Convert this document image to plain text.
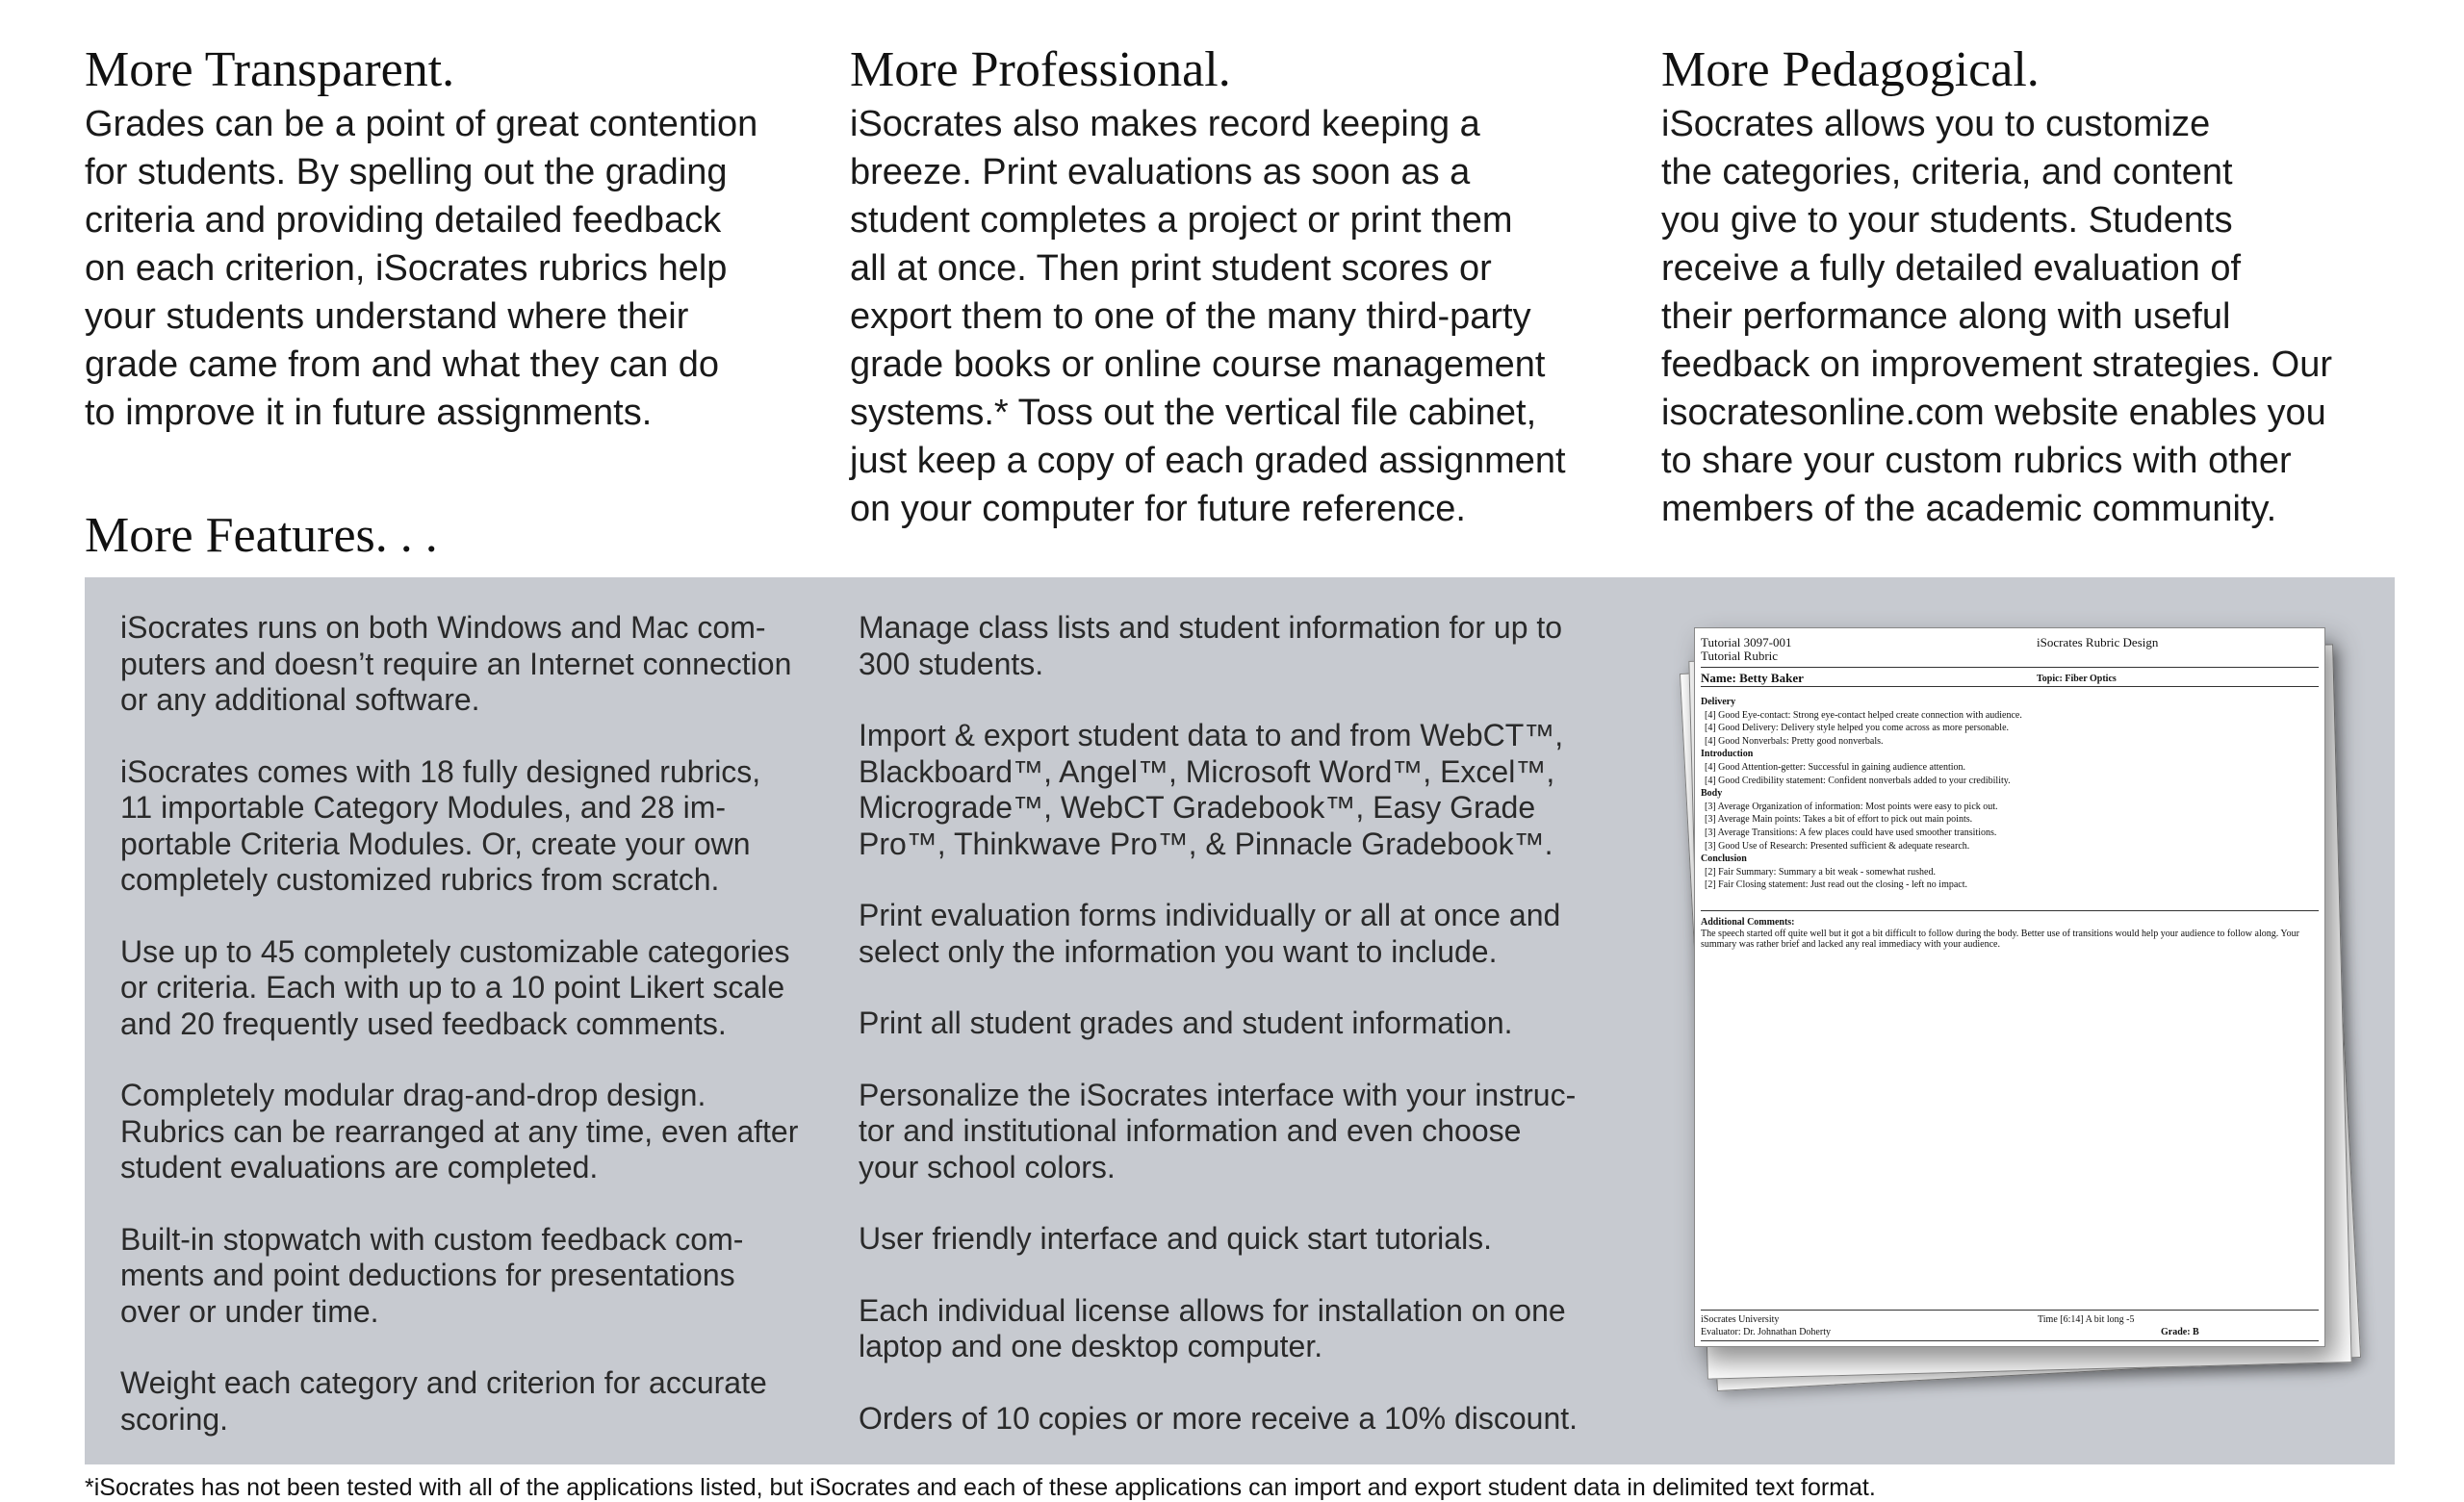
More Transparent.

Grades can be a point of great contention
for students. By spelling out the grading
criteria and providing detailed feedback
on each criterion, iSocrates rubrics help
your students understand where their
grade came from and what they can do
to improve it in future assignments.

More Professional.

iSocrates also makes record keeping a
breeze. Print evaluations as soon as a
student completes a project or print them
all at once. Then print student scores or
export them to one of the many third-party
grade books or online course management
systems.* Toss out the vertical file cabinet,
just keep a copy of each graded assignment
on your computer for future reference.

More Pedagogical.

iSocrates allows you to customize
the categories, criteria, and content
you give to your students. Students
receive a fully detailed evaluation of
their performance along with useful
feedback on improvement strategies. Our
isocratesonline.com website enables you
to share your custom rubrics with other
members of the academic community.

More Features. . .
iSocrates runs on both Windows and Mac com-
puters and doesn’t require an Internet connection
or any additional software.
iSocrates comes with 18 fully designed rubrics,
11 importable Category Modules, and 28 im-
portable Criteria Modules. Or, create your own
completely customized rubrics from scratch.
Use up to 45 completely customizable categories
or criteria. Each with up to a 10 point Likert scale
and 20 frequently used feedback comments.
Completely modular drag-and-drop design.
Rubrics can be rearranged at any time, even after
student evaluations are completed.
Built-in stopwatch with custom feedback com-
ments and point deductions for presentations
over or under time.
Weight each category and criterion for accurate
scoring.
Manage class lists and student information for up to
300 students.
Import & export student data to and from WebCT™,
Blackboard™, Angel™, Microsoft Word™, Excel™,
Micrograde™, WebCT Gradebook™, Easy Grade
Pro™, Thinkwave Pro™, & Pinnacle Gradebook™.
Print evaluation forms individually or all at once and
select only the information you want to include.
Print all student grades and student information.
Personalize the iSocrates interface with your instruc-
tor and institutional information and even choose
your school colors.
User friendly interface and quick start tutorials.
Each individual license allows for installation on one
laptop and one desktop computer.
Orders of 10 copies or more receive a 10% discount.
Tutorial 3097-001
Tutorial Rubric
iSocrates Rubric Design
Name: Betty Baker	Topic: Fiber Optics
Delivery
[4] Good Eye-contact: Strong eye-contact helped create connection with audience.
[4] Good Delivery: Delivery style helped you come across as more personable.
[4] Good Nonverbals: Pretty good nonverbals.
Introduction
[4] Good Attention-getter: Successful in gaining audience attention.
[4] Good Credibility statement: Confident nonverbals added to your credibility.
Body
[3] Average Organization of information: Most points were easy to pick out.
[3] Average Main points: Takes a bit of effort to pick out main points.
[3] Average Transitions: A few places could have used smoother transitions.
[3] Good Use of Research: Presented sufficient & adequate research.
Conclusion
[2] Fair Summary: Summary a bit weak - somewhat rushed.
[2] Fair Closing statement: Just read out the closing - left no impact.
Additional Comments:
The speech started off quite well but it got a bit difficult to follow during the body. Better use of transitions would help your audience to follow along. Your summary was rather brief and lacked any real immediacy with your audience.
iSocrates University
Evaluator: Dr. Johnathan Doherty
Time [6:14] A bit long -5
Grade: B

*iSocrates has not been tested with all of the applications listed, but iSocrates and each of these applications can import and export student data in delimited text format.
